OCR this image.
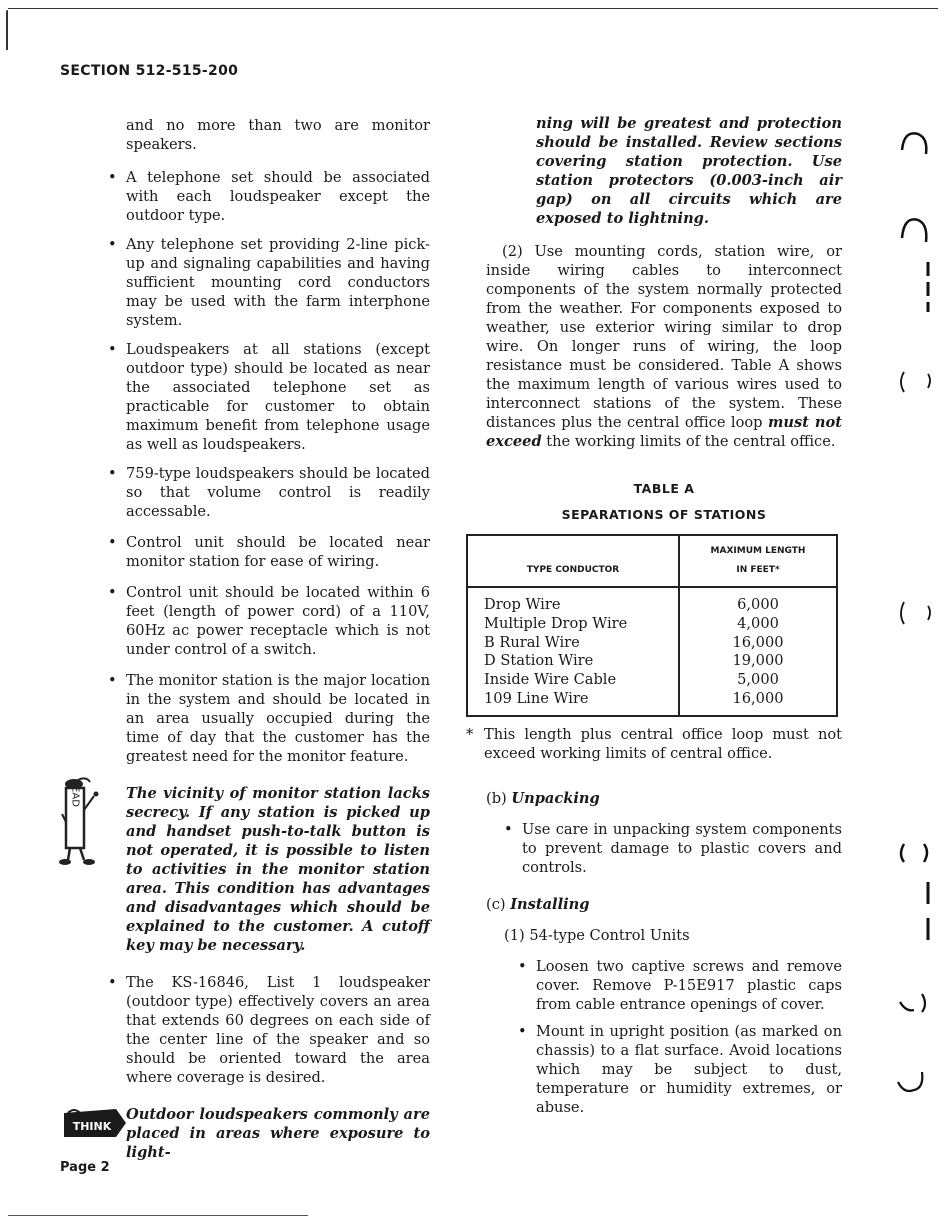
SECTION 512-515-200

and no more than two are monitor speakers.

• A telephone set should be associated with each loudspeaker except the outdoor type.
• Any telephone set providing 2-line pick-up and signaling capabilities and having sufficient mounting cord conductors may be used with the farm interphone system.
• Loudspeakers at all stations (except outdoor type) should be located as near the associated telephone set as practicable for customer to obtain maximum benefit from telephone usage as well as loudspeakers.
• 759-type loudspeakers should be located so that volume control is readily accessable.
• Control unit should be located near monitor station for ease of wiring.
• Control unit should be located within 6 feet (length of power cord) of a 110V, 60Hz ac power receptacle which is not under control of a switch.
• The monitor station is the major location in the system and should be located in an area usually occupied during the time of day that the customer has the greatest need for the monitor feature.
READ	The vicinity of monitor station lacks secrecy. If any station is picked up and handset push-to-talk button is not operated, it is possible to listen to activities in the monitor station area. This condition has advantages and disadvantages which should be explained to the customer. A cutoff key may be necessary.
• The KS-16846, List 1 loudspeaker (outdoor type) effectively covers an area that extends 60 degrees on each side of the center line of the speaker and so should be oriented toward the area where coverage is desired.
THINK
Outdoor loudspeakers commonly are placed in areas where exposure to light-
ning will be greatest and protection should be installed. Review sections covering station protection. Use station protectors (0.003-inch air gap) on all circuits which are exposed to lightning.

(2) Use mounting cords, station wire, or inside wiring cables to interconnect components of the system normally protected from the weather. For components exposed to weather, use exterior wiring similar to drop wire. On longer runs of wiring, the loop resistance must be considered. Table A shows the maximum length of various wires used to interconnect stations of the system. These distances plus the central office loop must not exceed the working limits of the central office.

TABLE A
SEPARATIONS OF STATIONS
TYPE CONDUCTOR	MAXIMUM LENGTH
IN FEET*
Drop Wire	6,000
Multiple Drop Wire	4,000
B Rural Wire	16,000
D Station Wire	19,000
Inside Wire Cable	5,000
109 Line Wire	16,000
* This length plus central office loop must not exceed working limits of central office.
(b) Unpacking
• Use care in unpacking system components to prevent damage to plastic covers and controls.
(c) Installing
(1) 54-type Control Units
• Loosen two captive screws and remove cover. Remove P-15E917 plastic caps from cable entrance openings of cover.
• Mount in upright position (as marked on chassis) to a flat surface. Avoid locations which may be subject to dust, temperature or humidity extremes, or abuse.
Page 2
